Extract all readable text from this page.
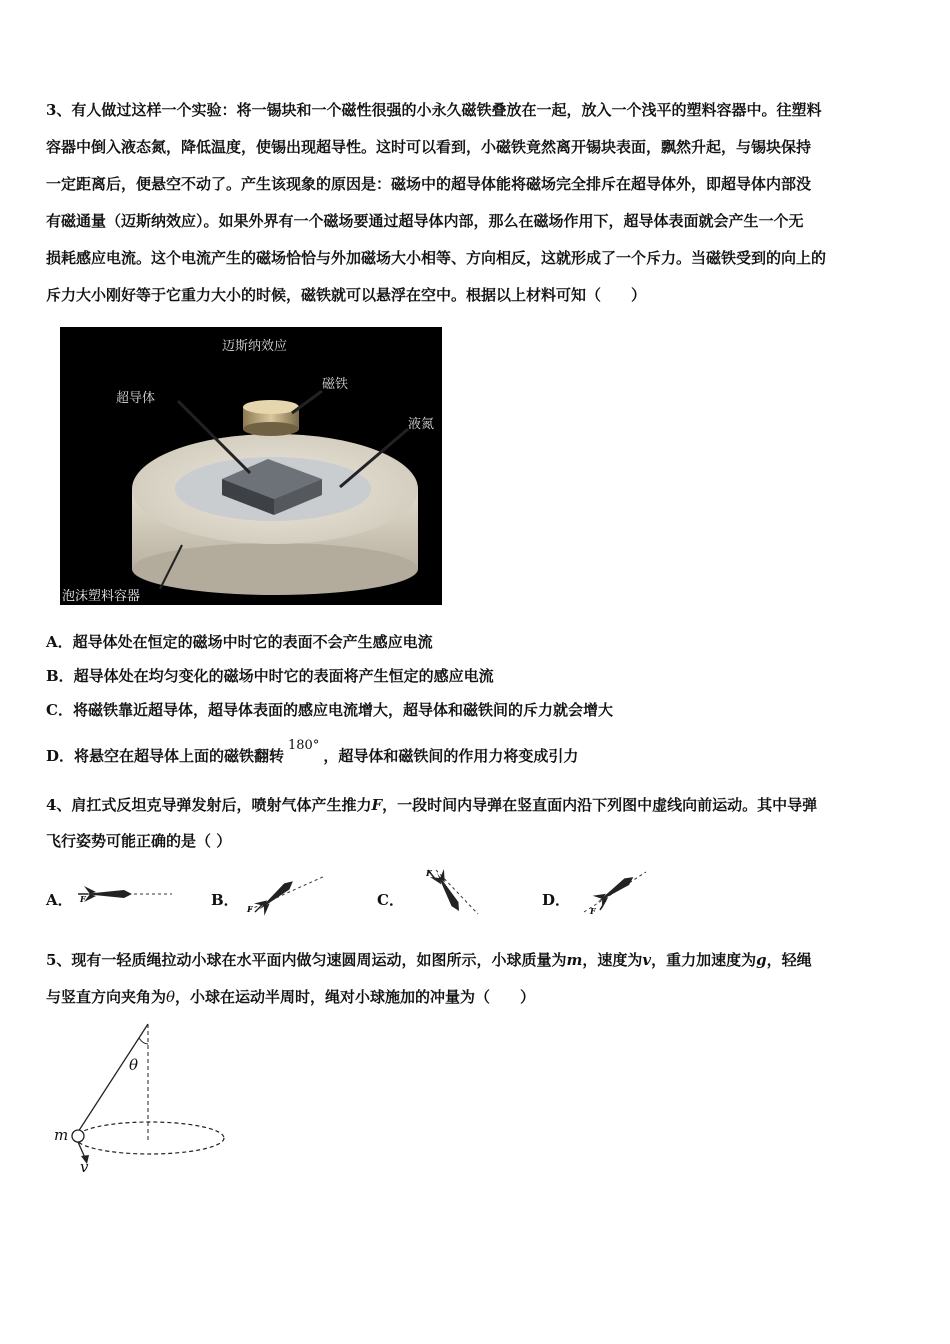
3、有人做过这样一个实验：将一锡块和一个磁性很强的小永久磁铁叠放在一起，放入一个浅平的塑料容器中。往塑料
容器中倒入液态氮，降低温度，使锡出现超导性。这时可以看到，小磁铁竟然离开锡块表面，飘然升起，与锡块保持
一定距离后，便悬空不动了。产生该现象的原因是：磁场中的超导体能将磁场完全排斥在超导体外，即超导体内部没
有磁通量（迈斯纳效应）。如果外界有一个磁场要通过超导体内部，那么在磁场作用下，超导体表面就会产生一个无
损耗感应电流。这个电流产生的磁场恰恰与外加磁场大小相等、方向相反，这就形成了一个斥力。当磁铁受到的向上的
斥力大小刚好等于它重力大小的时候，磁铁就可以悬浮在空中。根据以上材料可知（　　）
迈斯纳效应
超导体
磁铁
液氮
泡沫塑料容器
A．超导体处在恒定的磁场中时它的表面不会产生感应电流
B．超导体处在均匀变化的磁场中时它的表面将产生恒定的感应电流
C．将磁铁靠近超导体，超导体表面的感应电流增大，超导体和磁铁间的斥力就会增大
D．将悬空在超导体上面的磁铁翻转180°，超导体和磁铁间的作用力将变成引力
4、肩扛式反坦克导弹发射后，喷射气体产生推力F，一段时间内导弹在竖直面内沿下列图中虚线向前运动。其中导弹
飞行姿势可能正确的是（ ）
A．	B．	C．	D．
F
F
F
F
5、现有一轻质绳拉动小球在水平面内做匀速圆周运动，如图所示，小球质量为m，速度为v，重力加速度为g，轻绳
与竖直方向夹角为θ，小球在运动半周时，绳对小球施加的冲量为（　　）
θ
m
v
